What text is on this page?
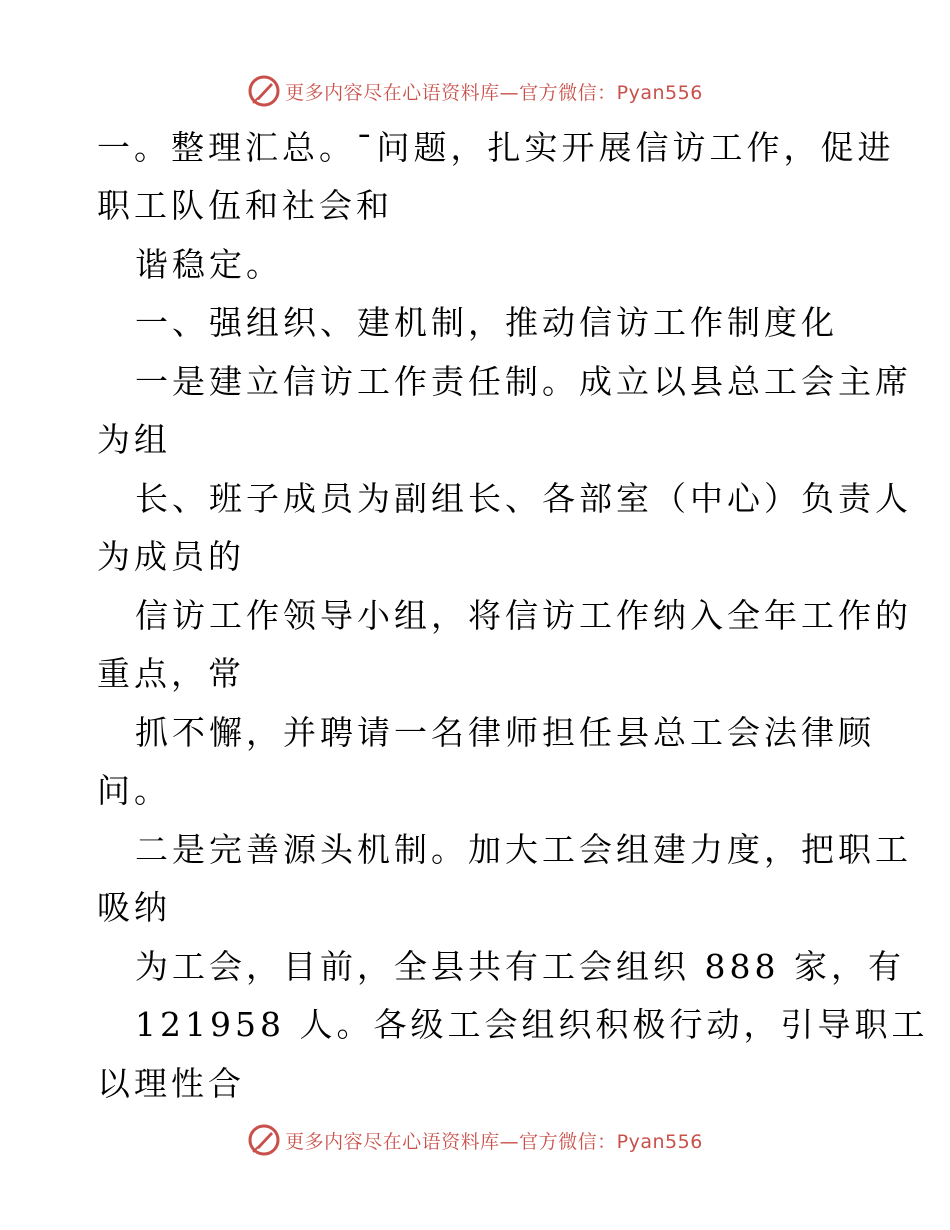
更多内容尽在心语资料库—官方微信：Pyan556
一。整理汇总。¯问题，扎实开展信访工作，促进
职工队伍和社会和
谐稳定。
一、强组织、建机制，推动信访工作制度化
一是建立信访工作责任制。成立以县总工会主席
为组
长、班子成员为副组长、各部室（中心）负责人
为成员的
信访工作领导小组，将信访工作纳入全年工作的
重点，常
抓不懈，并聘请一名律师担任县总工会法律顾
问。
二是完善源头机制。加大工会组建力度，把职工
吸纳
为工会，目前，全县共有工会组织 888 家，有
121958 人。各级工会组织积极行动，引导职工
以理性合
更多内容尽在心语资料库—官方微信：Pyan556
